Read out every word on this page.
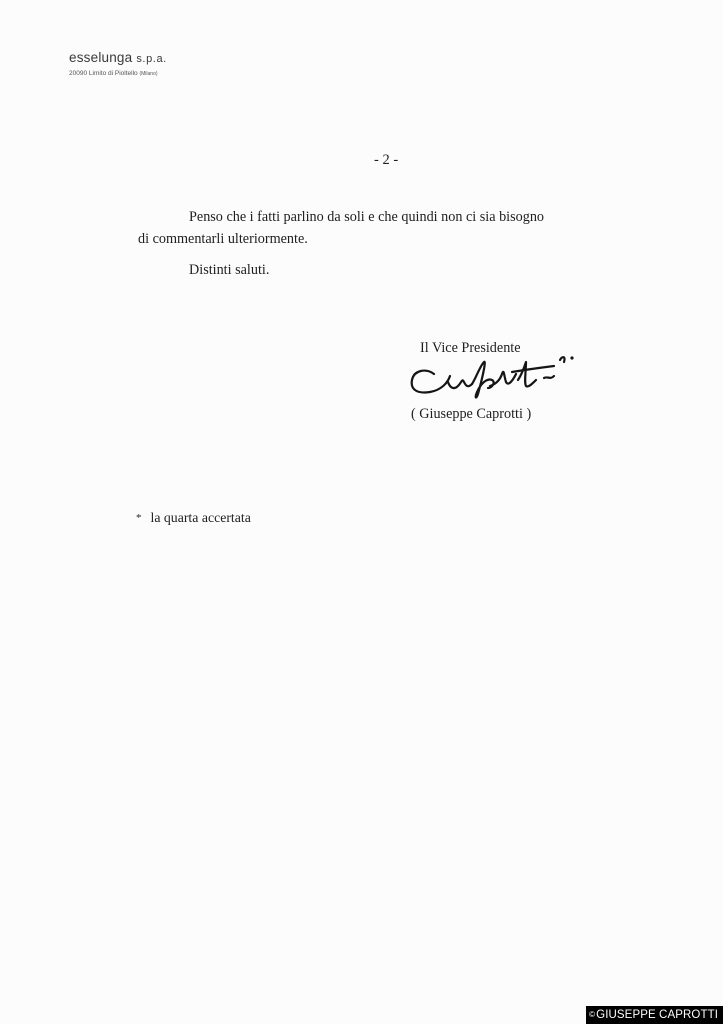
esselunga s.p.a.
20090 Limito di Pioltello (Milano)
- 2 -
Penso che i fatti parlino da soli e che quindi non ci sia bisogno
di commentarli ulteriormente.
Distinti saluti.
Il Vice Presidente
( Giuseppe Caprotti )
* la quarta accertata
©GIUSEPPE CAPROTTI
